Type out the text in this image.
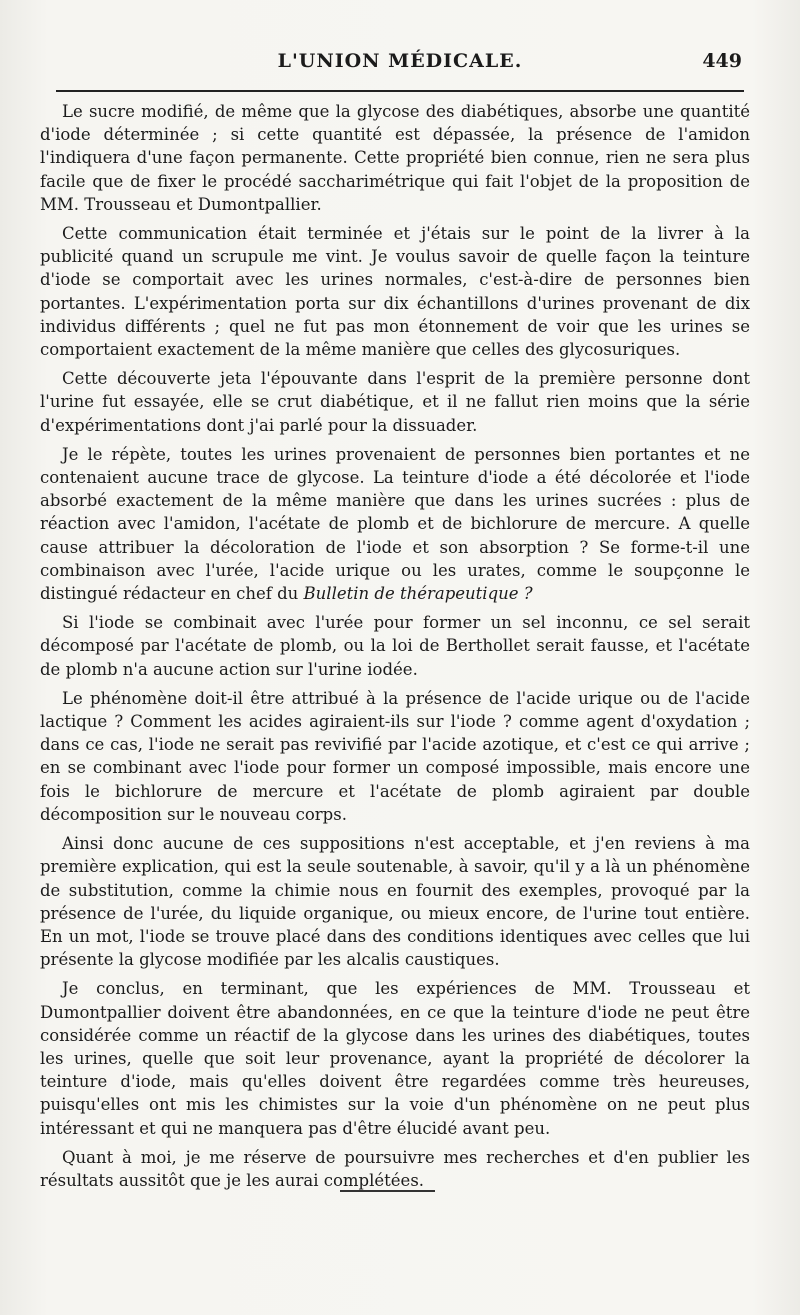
L'UNION MÉDICALE.	449

Le sucre modifié, de même que la glycose des diabétiques, absorbe une quantité d'iode déterminée ; si cette quantité est dépassée, la présence de l'amidon l'indiquera d'une façon permanente. Cette propriété bien connue, rien ne sera plus facile que de fixer le procédé saccharimétrique qui fait l'objet de la proposition de MM. Trousseau et Dumontpallier.

Cette communication était terminée et j'étais sur le point de la livrer à la publicité quand un scrupule me vint. Je voulus savoir de quelle façon la teinture d'iode se comportait avec les urines normales, c'est-à-dire de personnes bien portantes. L'expérimentation porta sur dix échantillons d'urines provenant de dix individus différents ; quel ne fut pas mon étonnement de voir que les urines se comportaient exactement de la même manière que celles des glycosuriques.

Cette découverte jeta l'épouvante dans l'esprit de la première personne dont l'urine fut essayée, elle se crut diabétique, et il ne fallut rien moins que la série d'expérimentations dont j'ai parlé pour la dissuader.

Je le répète, toutes les urines provenaient de personnes bien portantes et ne contenaient aucune trace de glycose. La teinture d'iode a été décolorée et l'iode absorbé exactement de la même manière que dans les urines sucrées : plus de réaction avec l'amidon, l'acétate de plomb et de bichlorure de mercure. A quelle cause attribuer la décoloration de l'iode et son absorption ? Se forme-t-il une combinaison avec l'urée, l'acide urique ou les urates, comme le soupçonne le distingué rédacteur en chef du Bulletin de thérapeutique ?

Si l'iode se combinait avec l'urée pour former un sel inconnu, ce sel serait décomposé par l'acétate de plomb, ou la loi de Berthollet serait fausse, et l'acétate de plomb n'a aucune action sur l'urine iodée.

Le phénomène doit-il être attribué à la présence de l'acide urique ou de l'acide lactique ? Comment les acides agiraient-ils sur l'iode ? comme agent d'oxydation ; dans ce cas, l'iode ne serait pas revivifié par l'acide azotique, et c'est ce qui arrive ; en se combinant avec l'iode pour former un composé impossible, mais encore une fois le bichlorure de mercure et l'acétate de plomb agiraient par double décomposition sur le nouveau corps.

Ainsi donc aucune de ces suppositions n'est acceptable, et j'en reviens à ma première explication, qui est la seule soutenable, à savoir, qu'il y a là un phénomène de substitution, comme la chimie nous en fournit des exemples, provoqué par la présence de l'urée, du liquide organique, ou mieux encore, de l'urine tout entière. En un mot, l'iode se trouve placé dans des conditions identiques avec celles que lui présente la glycose modifiée par les alcalis caustiques.

Je conclus, en terminant, que les expériences de MM. Trousseau et Dumontpallier doivent être abandonnées, en ce que la teinture d'iode ne peut être considérée comme un réactif de la glycose dans les urines des diabétiques, toutes les urines, quelle que soit leur provenance, ayant la propriété de décolorer la teinture d'iode, mais qu'elles doivent être regardées comme très heureuses, puisqu'elles ont mis les chimistes sur la voie d'un phénomène on ne peut plus intéressant et qui ne manquera pas d'être élucidé avant peu.

Quant à moi, je me réserve de poursuivre mes recherches et d'en publier les résultats aussitôt que je les aurai complétées.
